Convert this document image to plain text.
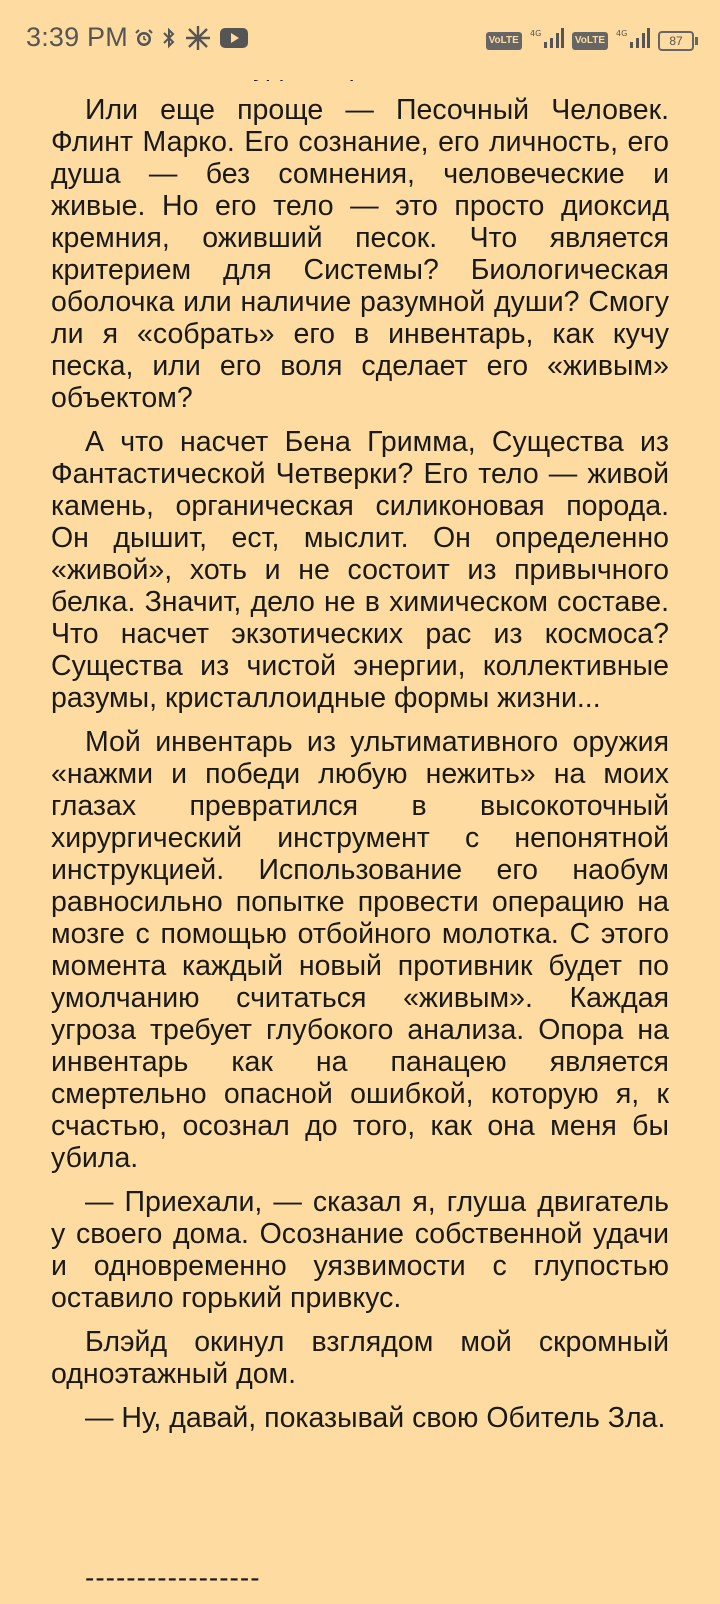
3:39 PM	VoLTE
4G
VoLTE
4G	87

Или еще проще — Песочный Человек. Флинт Марко. Его сознание, его личность, его душа — без сомнения, человеческие и живые. Но его тело — это просто диоксид кремния, оживший песок. Что является критерием для Системы? Биологическая оболочка или наличие разумной души? Смогу ли я «собрать» его в инвентарь, как кучу песка, или его воля сделает его «живым» объектом?

А что насчет Бена Гримма, Существа из Фантастической Четверки? Его тело — живой камень, органическая силиконовая порода. Он дышит, ест, мыслит. Он определенно «живой», хоть и не состоит из привычного белка. Значит, дело не в химическом составе. Что насчет экзотических рас из космоса? Существа из чистой энергии, коллективные разумы, кристаллоидные формы жизни...

Мой инвентарь из ультимативного оружия «нажми и победи любую нежить» на моих глазах превратился в высокоточный хирургический инструмент с непонятной инструкцией. Использование его наобум равносильно попытке провести операцию на мозге с помощью отбойного молотка. С этого момента каждый новый противник будет по умолчанию считаться «живым». Каждая угроза требует глубокого анализа. Опора на инвентарь как на панацею является смертельно опасной ошибкой, которую я, к счастью, осознал до того, как она меня бы убила.

— Приехали, — сказал я, глуша двигатель у своего дома. Осознание собственной удачи и одновременно уязвимости с глупостью оставило горький привкус.

Блэйд окинул взглядом мой скромный одноэтажный дом.

— Ну, давай, показывай свою Обитель Зла.

-----------------
